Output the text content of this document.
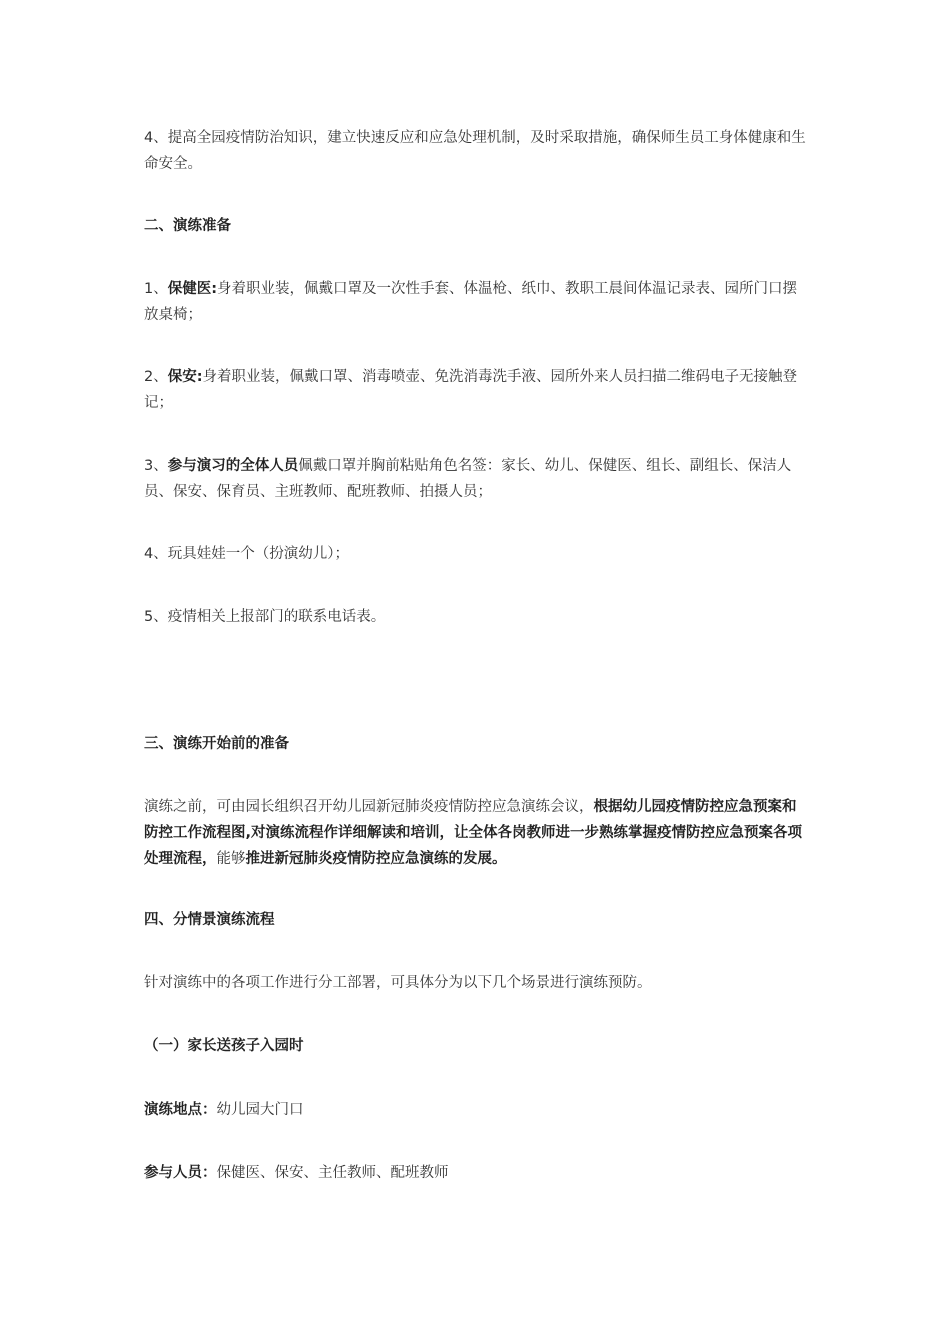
4、提高全园疫情防治知识，建立快速反应和应急处理机制，及时采取措施，确保师生员工身体健康和生命安全。

二、演练准备

1、保健医:身着职业装，佩戴口罩及一次性手套、体温枪、纸巾、教职工晨间体温记录表、园所门口摆放桌椅；

2、保安:身着职业装，佩戴口罩、消毒喷壶、免洗消毒洗手液、园所外来人员扫描二维码电子无接触登记；

3、参与演习的全体人员佩戴口罩并胸前粘贴角色名签：家长、幼儿、保健医、组长、副组长、保洁人员、保安、保育员、主班教师、配班教师、拍摄人员；

4、玩具娃娃一个（扮演幼儿）；

5、疫情相关上报部门的联系电话表。

三、演练开始前的准备

演练之前，可由园长组织召开幼儿园新冠肺炎疫情防控应急演练会议，根据幼儿园疫情防控应急预案和防控工作流程图,对演练流程作详细解读和培训，让全体各岗教师进一步熟练掌握疫情防控应急预案各项处理流程，能够推进新冠肺炎疫情防控应急演练的发展。

四、分情景演练流程

针对演练中的各项工作进行分工部署，可具体分为以下几个场景进行演练预防。

（一）家长送孩子入园时

演练地点：幼儿园大门口

参与人员：保健医、保安、主任教师、配班教师
